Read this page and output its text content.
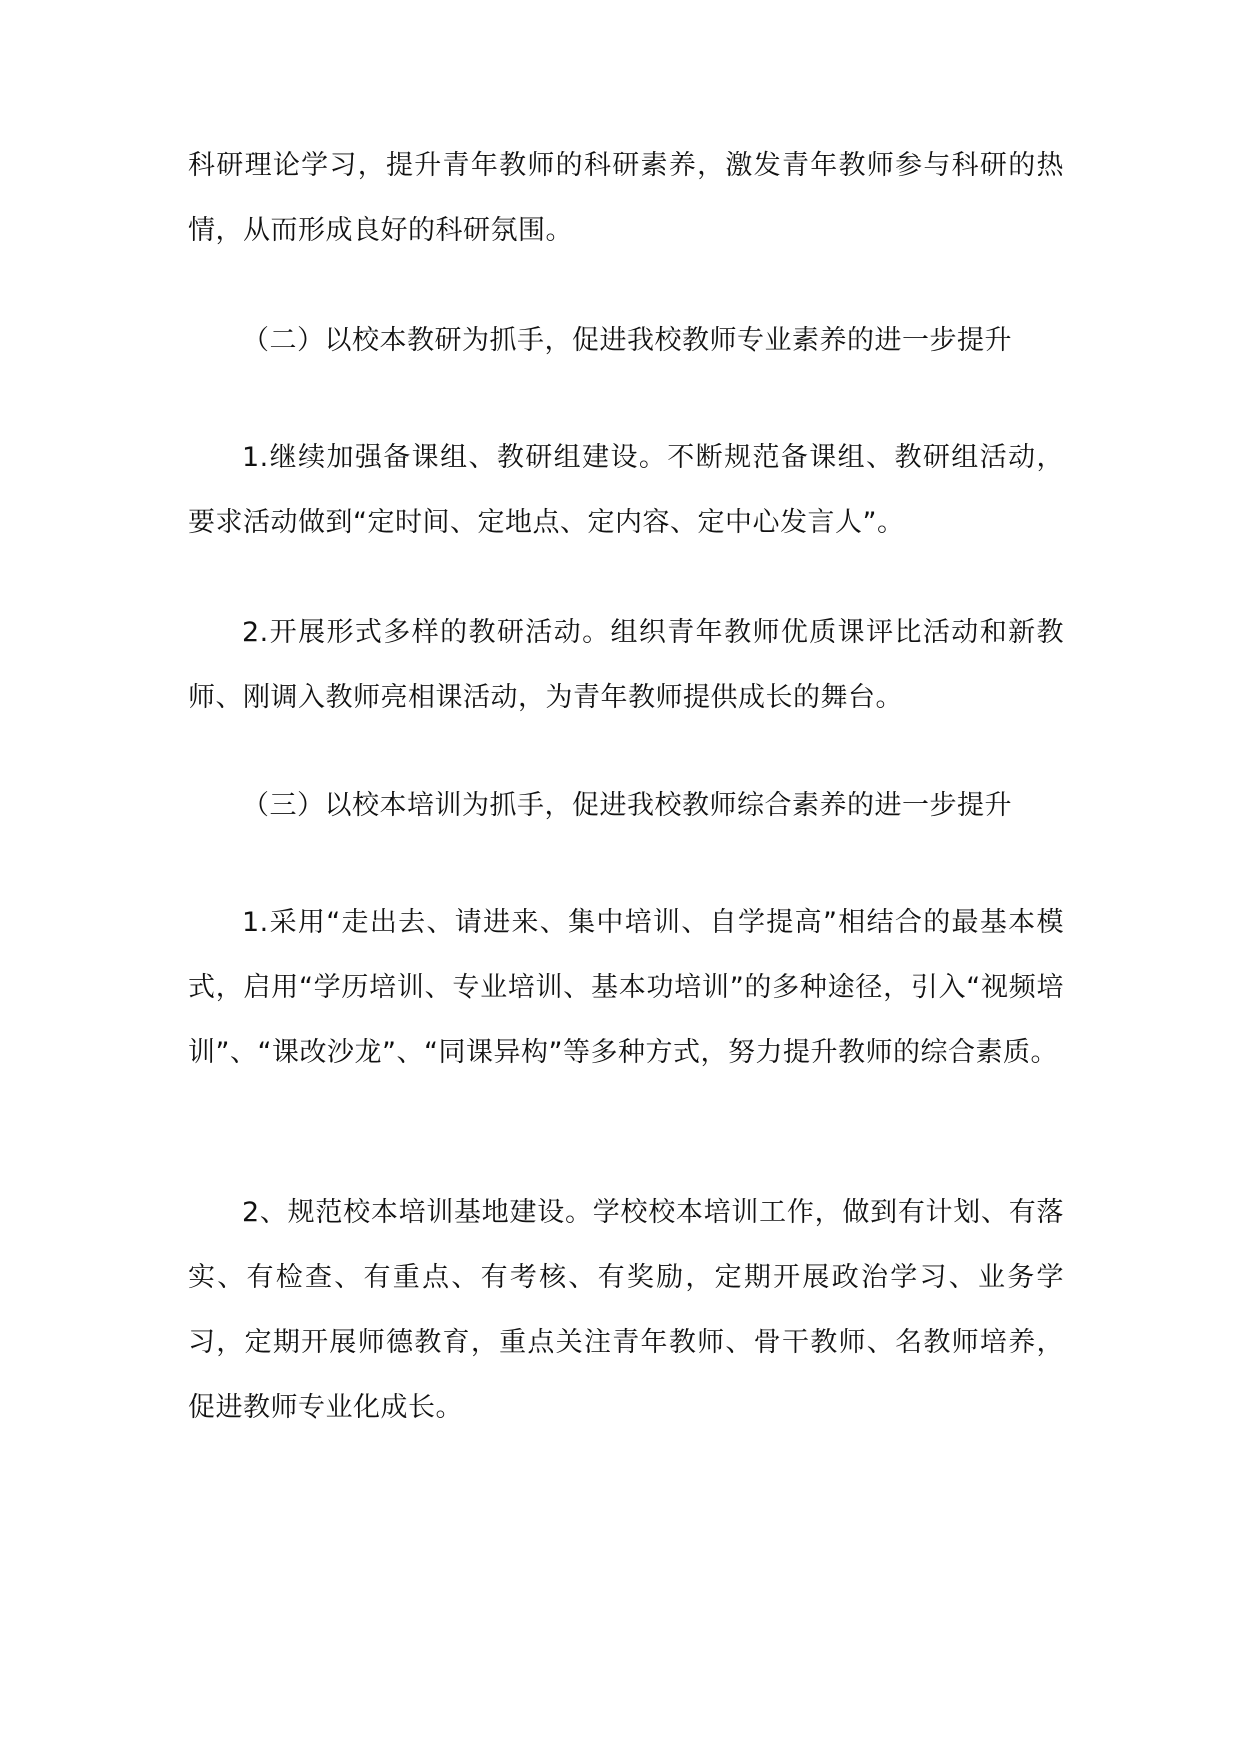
科研理论学习，提升青年教师的科研素养，激发青年教师参与科研的热情，从而形成良好的科研氛围。

（二）以校本教研为抓手，促进我校教师专业素养的进一步提升

1.继续加强备课组、教研组建设。不断规范备课组、教研组活动，要求活动做到“定时间、定地点、定内容、定中心发言人”。

2.开展形式多样的教研活动。组织青年教师优质课评比活动和新教师、刚调入教师亮相课活动，为青年教师提供成长的舞台。

（三）以校本培训为抓手，促进我校教师综合素养的进一步提升

1.采用“走出去、请进来、集中培训、自学提高”相结合的最基本模式，启用“学历培训、专业培训、基本功培训”的多种途径，引入“视频培训”、“课改沙龙”、“同课异构”等多种方式，努力提升教师的综合素质。

2、规范校本培训基地建设。学校校本培训工作，做到有计划、有落实、有检查、有重点、有考核、有奖励，定期开展政治学习、业务学习，定期开展师德教育，重点关注青年教师、骨干教师、名教师培养，促进教师专业化成长。
